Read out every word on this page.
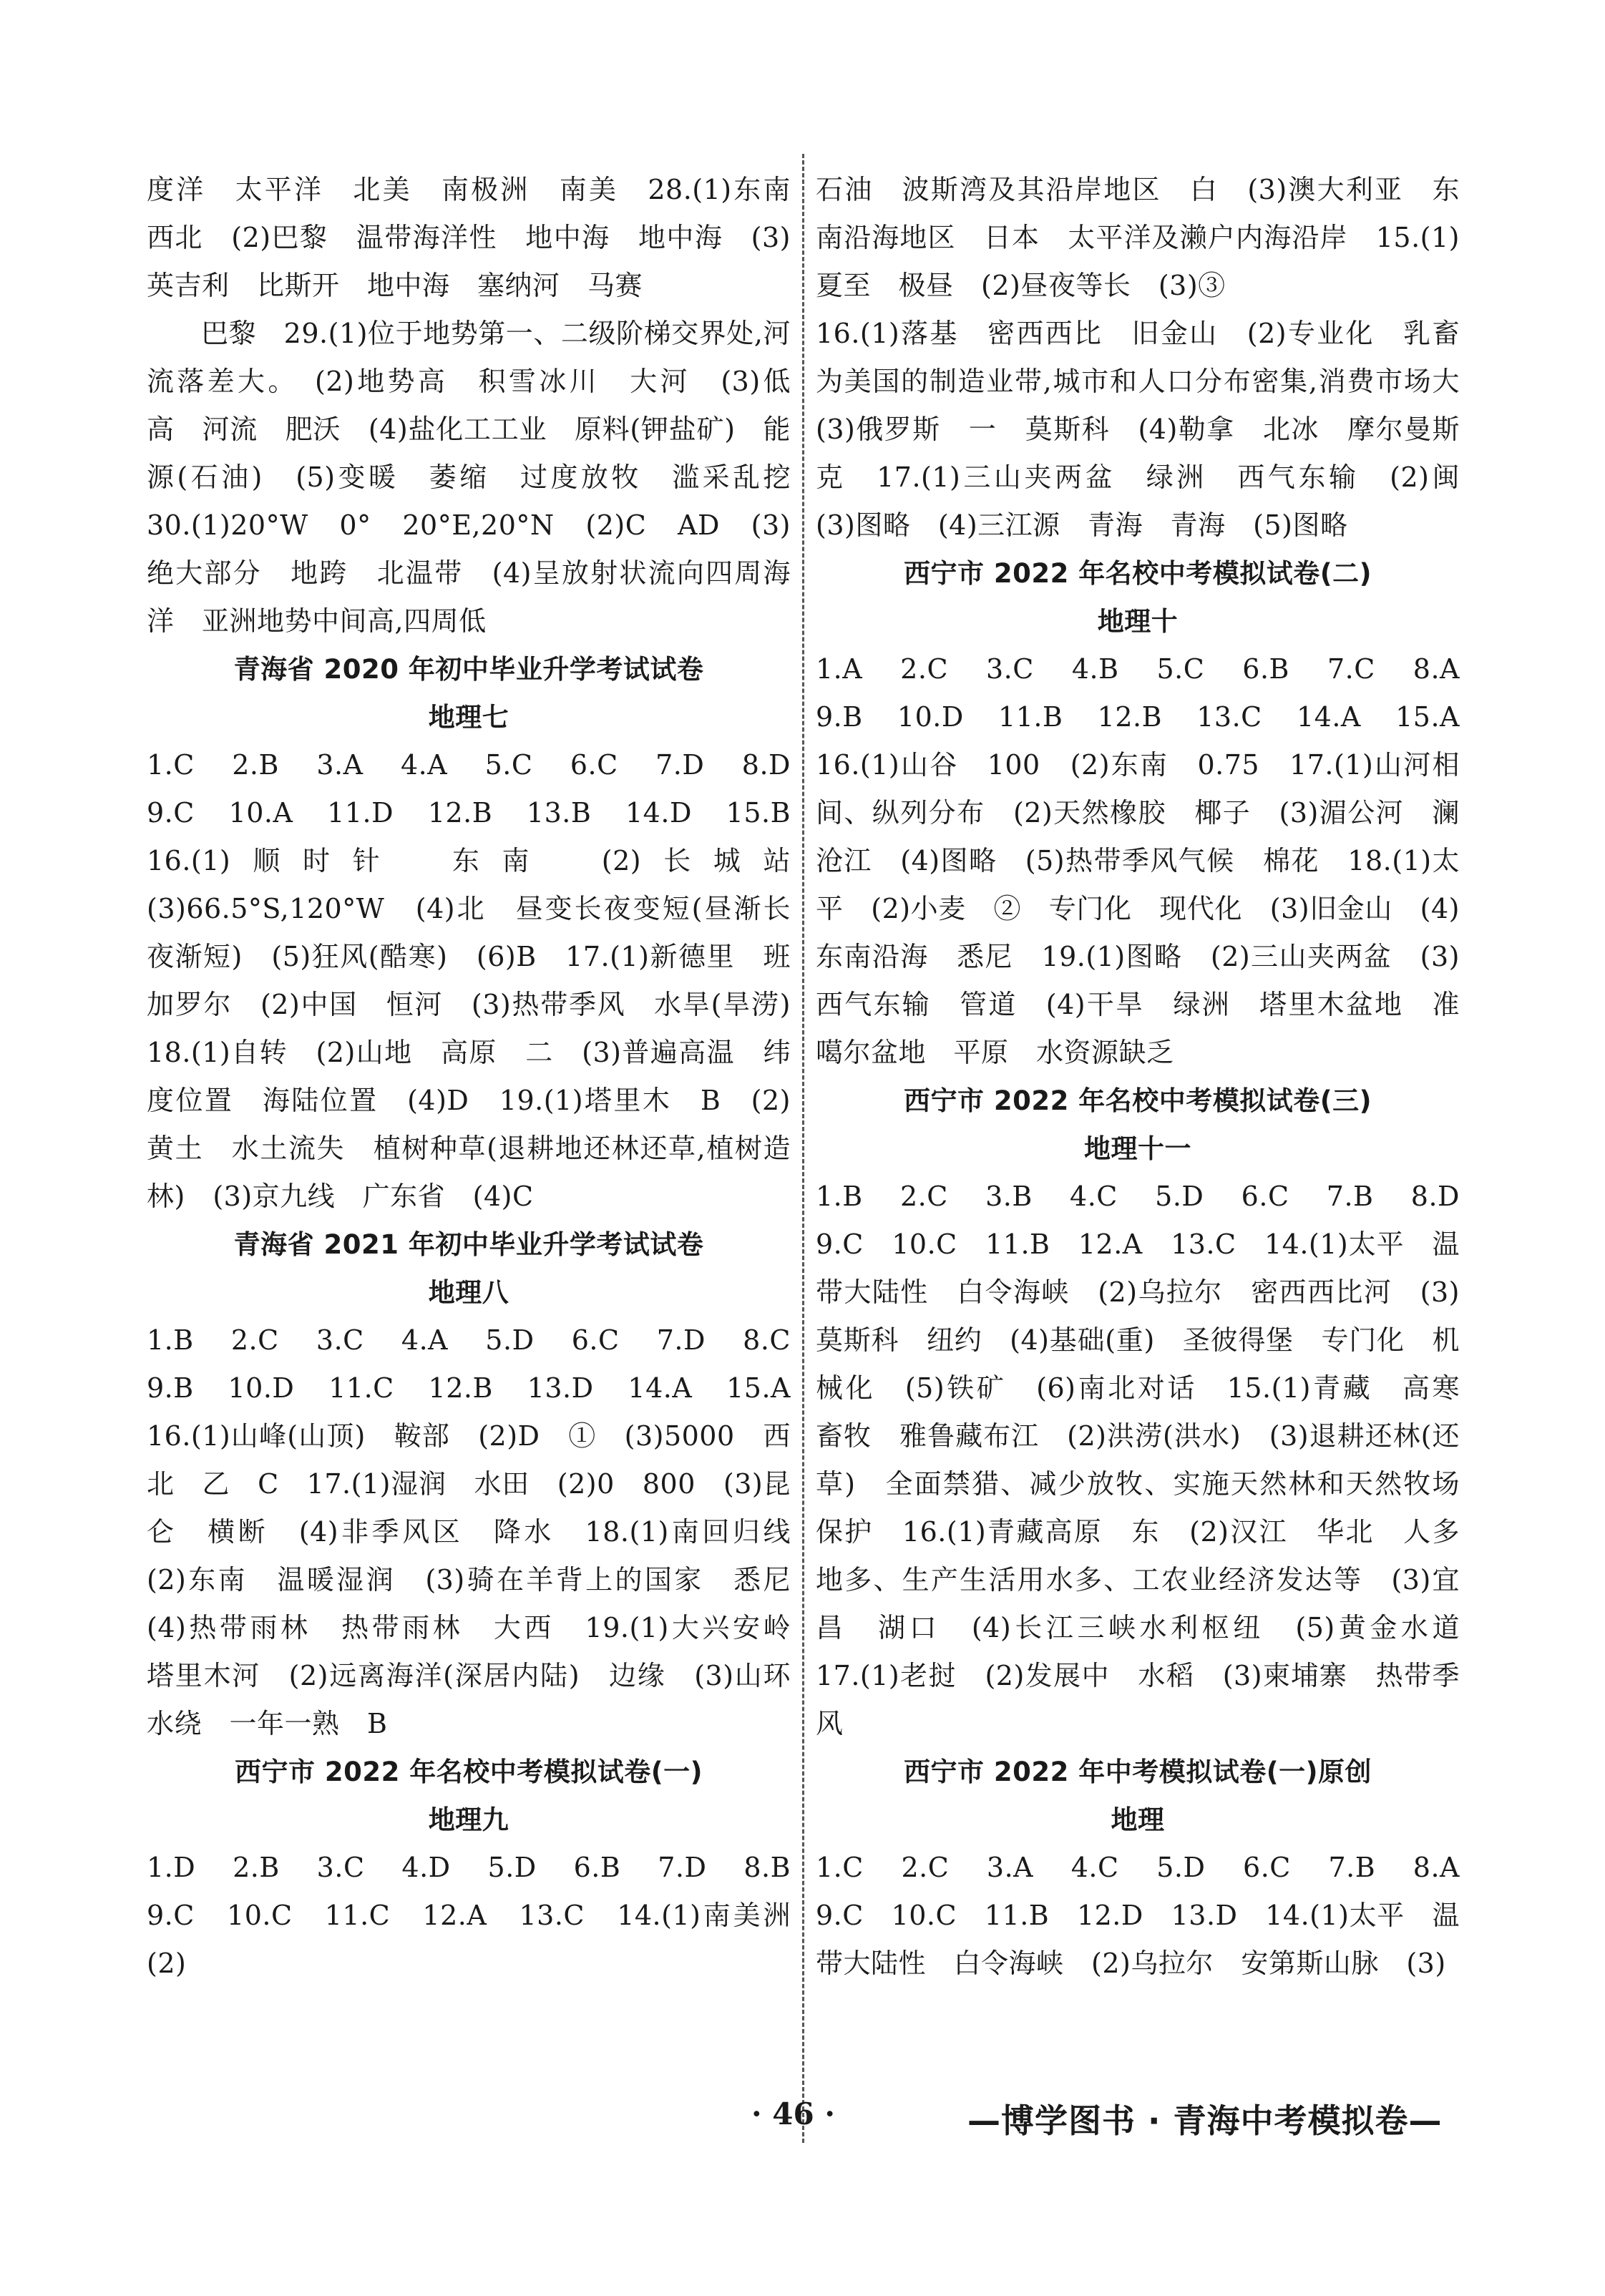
度洋　太平洋　北美　南极洲　南美　28.(1)东南　西北　(2)巴黎　温带海洋性　地中海　地中海　(3)英吉利　比斯开　地中海　塞纳河　马赛

巴黎　29.(1)位于地势第一、二级阶梯交界处,河流落差大。　(2)地势高　积雪冰川　大河　(3)低　高　河流　肥沃　(4)盐化工工业　原料(钾盐矿)　能源(石油)　(5)变暖　萎缩　过度放牧　滥采乱挖　30.(1)20°W　0°　20°E,20°N　(2)C　AD　(3)绝大部分　地跨　北温带　(4)呈放射状流向四周海洋　亚洲地势中间高,四周低

青海省 2020 年初中毕业升学考试试卷
地理七

1.C　2.B　3.A　4.A　5.C　6.C　7.D　8.D　9.C　10.A　11.D　12.B　13.B　14.D　15.B　16.(1)顺时针　东南　(2)长城站　(3)66.5°S,120°W　(4)北　昼变长夜变短(昼渐长夜渐短)　(5)狂风(酷寒)　(6)B　17.(1)新德里　班加罗尔　(2)中国　恒河　(3)热带季风　水旱(旱涝)　18.(1)自转　(2)山地　高原　二　(3)普遍高温　纬度位置　海陆位置　(4)D　19.(1)塔里木　B　(2)黄土　水土流失　植树种草(退耕地还林还草,植树造林)　(3)京九线　广东省　(4)C

青海省 2021 年初中毕业升学考试试卷
地理八

1.B　2.C　3.C　4.A　5.D　6.C　7.D　8.C　9.B　10.D　11.C　12.B　13.D　14.A　15.A　16.(1)山峰(山顶)　鞍部　(2)D　①　(3)5000　西北　乙　C　17.(1)湿润　水田　(2)0　800　(3)昆仑　横断　(4)非季风区　降水　18.(1)南回归线　(2)东南　温暖湿润　(3)骑在羊背上的国家　悉尼　(4)热带雨林　热带雨林　大西　19.(1)大兴安岭　塔里木河　(2)远离海洋(深居内陆)　边缘　(3)山环水绕　一年一熟　B

西宁市 2022 年名校中考模拟试卷(一)
地理九

1.D　2.B　3.C　4.D　5.D　6.B　7.D　8.B　9.C　10.C　11.C　12.A　13.C　14.(1)南美洲　(2)

石油　波斯湾及其沿岸地区　白　(3)澳大利亚　东南沿海地区　日本　太平洋及濑户内海沿岸　15.(1)夏至　极昼　(2)昼夜等长　(3)③

16.(1)落基　密西西比　旧金山　(2)专业化　乳畜　为美国的制造业带,城市和人口分布密集,消费市场大　(3)俄罗斯　一　莫斯科　(4)勒拿　北冰　摩尔曼斯克　17.(1)三山夹两盆　绿洲　西气东输　(2)闽　(3)图略　(4)三江源　青海　青海　(5)图略

西宁市 2022 年名校中考模拟试卷(二)
地理十

1.A　2.C　3.C　4.B　5.C　6.B　7.C　8.A　9.B　10.D　11.B　12.B　13.C　14.A　15.A　16.(1)山谷　100　(2)东南　0.75　17.(1)山河相间、纵列分布　(2)天然橡胶　椰子　(3)湄公河　澜沧江　(4)图略　(5)热带季风气候　棉花　18.(1)太平　(2)小麦　②　专门化　现代化　(3)旧金山　(4)东南沿海　悉尼　19.(1)图略　(2)三山夹两盆　(3)西气东输　管道　(4)干旱　绿洲　塔里木盆地　准噶尔盆地　平原　水资源缺乏

西宁市 2022 年名校中考模拟试卷(三)
地理十一

1.B　2.C　3.B　4.C　5.D　6.C　7.B　8.D　9.C　10.C　11.B　12.A　13.C　14.(1)太平　温带大陆性　白令海峡　(2)乌拉尔　密西西比河　(3)莫斯科　纽约　(4)基础(重)　圣彼得堡　专门化　机械化　(5)铁矿　(6)南北对话　15.(1)青藏　高寒　畜牧　雅鲁藏布江　(2)洪涝(洪水)　(3)退耕还林(还草)　全面禁猎、减少放牧、实施天然林和天然牧场保护　16.(1)青藏高原　东　(2)汉江　华北　人多地多、生产生活用水多、工农业经济发达等　(3)宜昌　湖口　(4)长江三峡水利枢纽　(5)黄金水道　17.(1)老挝　(2)发展中　水稻　(3)柬埔寨　热带季风

西宁市 2022 年中考模拟试卷(一)原创
地理

1.C　2.C　3.A　4.C　5.D　6.C　7.B　8.A　9.C　10.C　11.B　12.D　13.D　14.(1)太平　温带大陆性　白令海峡　(2)乌拉尔　安第斯山脉　(3)

· 46 ·	—博学图书 · 青海中考模拟卷—
